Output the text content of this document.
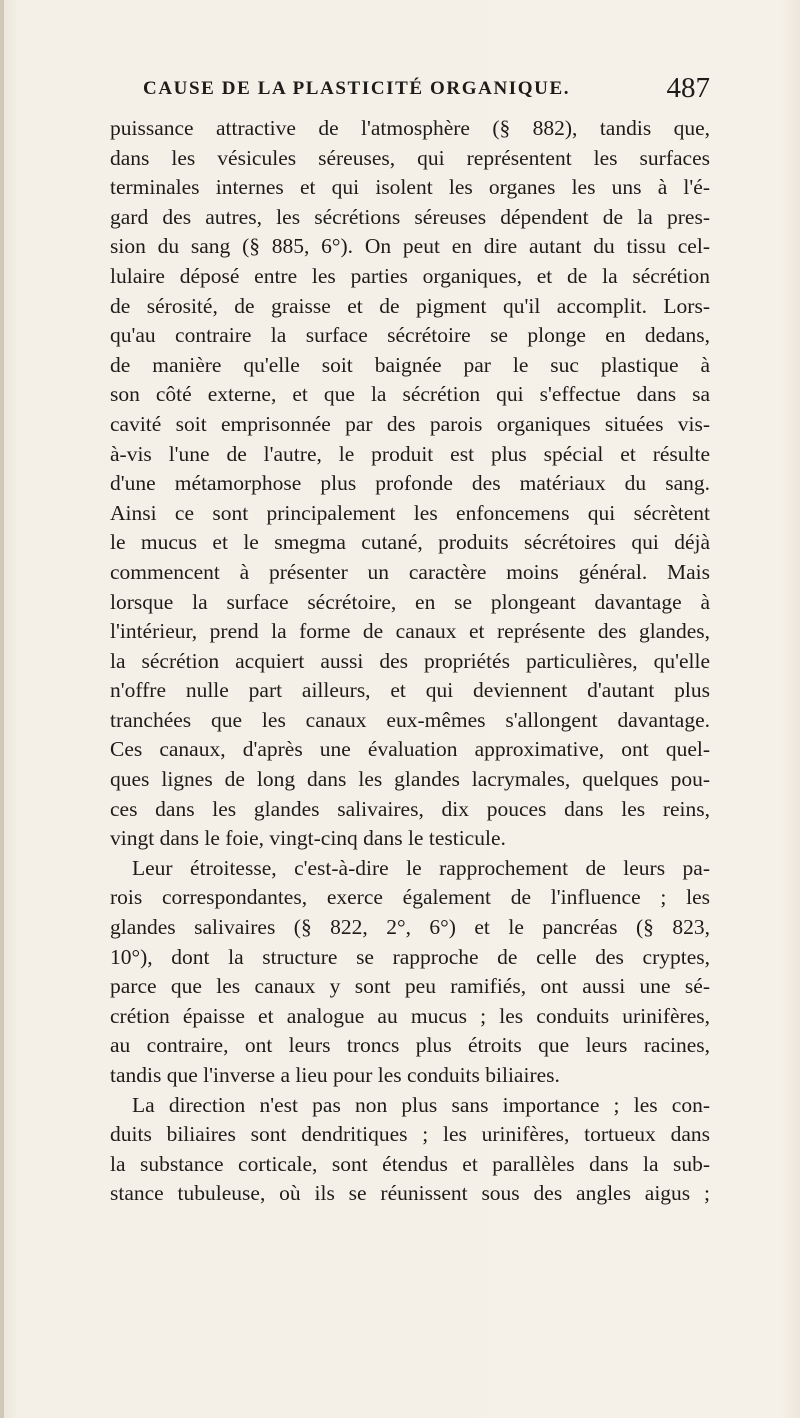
CAUSE DE LA PLASTICITÉ ORGANIQUE.	487
puissance attractive de l'atmosphère (§ 882), tandis que,
dans les vésicules séreuses, qui représentent les surfaces
terminales internes et qui isolent les organes les uns à l'é-
gard des autres, les sécrétions séreuses dépendent de la pres-
sion du sang (§ 885, 6°). On peut en dire autant du tissu cel-
lulaire déposé entre les parties organiques, et de la sécrétion
de sérosité, de graisse et de pigment qu'il accomplit. Lors-
qu'au contraire la surface sécrétoire se plonge en dedans,
de manière qu'elle soit baignée par le suc plastique à
son côté externe, et que la sécrétion qui s'effectue dans sa
cavité soit emprisonnée par des parois organiques situées vis-
à-vis l'une de l'autre, le produit est plus spécial et résulte
d'une métamorphose plus profonde des matériaux du sang.
Ainsi ce sont principalement les enfoncemens qui sécrètent
le mucus et le smegma cutané, produits sécrétoires qui déjà
commencent à présenter un caractère moins général. Mais
lorsque la surface sécrétoire, en se plongeant davantage à
l'intérieur, prend la forme de canaux et représente des glandes,
la sécrétion acquiert aussi des propriétés particulières, qu'elle
n'offre nulle part ailleurs, et qui deviennent d'autant plus
tranchées que les canaux eux-mêmes s'allongent davantage.
Ces canaux, d'après une évaluation approximative, ont quel-
ques lignes de long dans les glandes lacrymales, quelques pou-
ces dans les glandes salivaires, dix pouces dans les reins,
vingt dans le foie, vingt-cinq dans le testicule.
Leur étroitesse, c'est-à-dire le rapprochement de leurs pa-
rois correspondantes, exerce également de l'influence ; les
glandes salivaires (§ 822, 2°, 6°) et le pancréas (§ 823,
10°), dont la structure se rapproche de celle des cryptes,
parce que les canaux y sont peu ramifiés, ont aussi une sé-
crétion épaisse et analogue au mucus ; les conduits urinifères,
au contraire, ont leurs troncs plus étroits que leurs racines,
tandis que l'inverse a lieu pour les conduits biliaires.
La direction n'est pas non plus sans importance ; les con-
duits biliaires sont dendritiques ; les urinifères, tortueux dans
la substance corticale, sont étendus et parallèles dans la sub-
stance tubuleuse, où ils se réunissent sous des angles aigus ;
